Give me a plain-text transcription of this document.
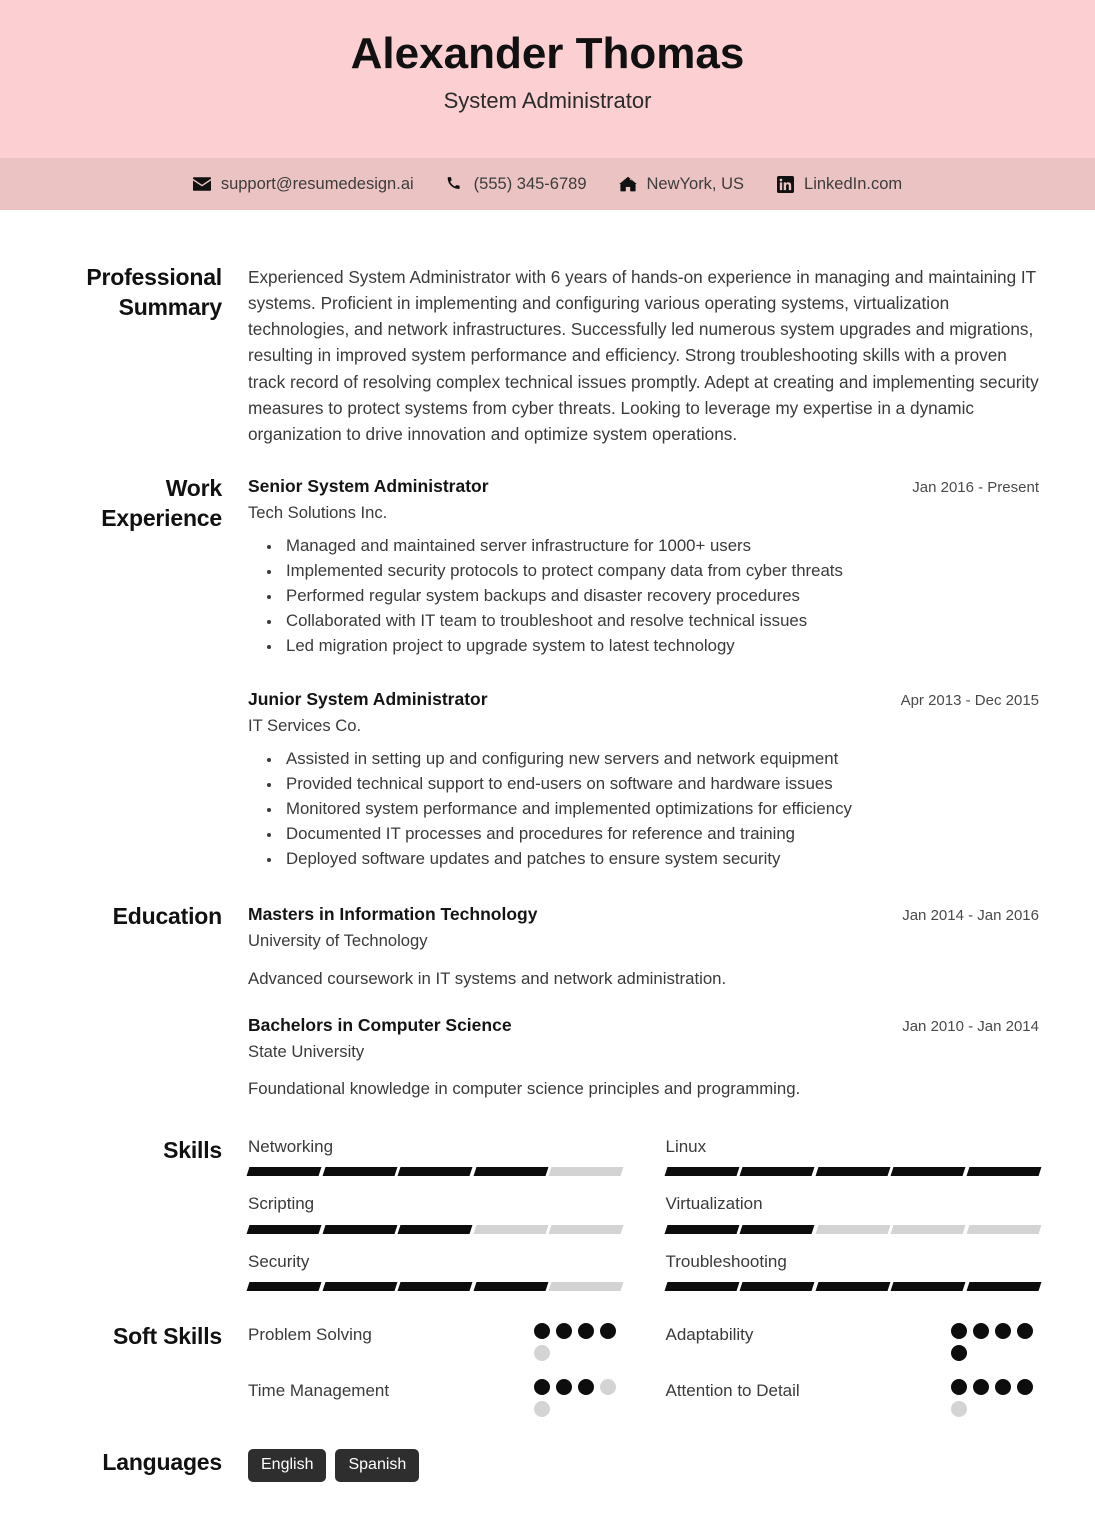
Alexander Thomas
System Administrator
support@resumedesign.ai	(555) 345-6789	NewYork, US	LinkedIn.com
Professional Summary

Experienced System Administrator with 6 years of hands-on experience in managing and maintaining IT systems. Proficient in implementing and configuring various operating systems, virtualization technologies, and network infrastructures. Successfully led numerous system upgrades and migrations, resulting in improved system performance and efficiency. Strong troubleshooting skills with a proven track record of resolving complex technical issues promptly. Adept at creating and implementing security measures to protect systems from cyber threats. Looking to leverage my expertise in a dynamic organization to drive innovation and optimize system operations.

Work Experience
Senior System Administrator	Jan 2016 - Present
Tech Solutions Inc.
• Managed and maintained server infrastructure for 1000+ users
• Implemented security protocols to protect company data from cyber threats
• Performed regular system backups and disaster recovery procedures
• Collaborated with IT team to troubleshoot and resolve technical issues
• Led migration project to upgrade system to latest technology
Junior System Administrator	Apr 2013 - Dec 2015
IT Services Co.
• Assisted in setting up and configuring new servers and network equipment
• Provided technical support to end-users on software and hardware issues
• Monitored system performance and implemented optimizations for efficiency
• Documented IT processes and procedures for reference and training
• Deployed software updates and patches to ensure system security
Education	Masters in Information Technology	Jan 2014 - Jan 2016
University of Technology
Advanced coursework in IT systems and network administration.
Bachelors in Computer Science	Jan 2010 - Jan 2014
State University
Foundational knowledge in computer science principles and programming.
Skills	Networking	Linux
Scripting	Virtualization
Security	Troubleshooting
Soft Skills	Problem Solving	Adaptability
Time Management	Attention to Detail
Languages	English	Spanish
